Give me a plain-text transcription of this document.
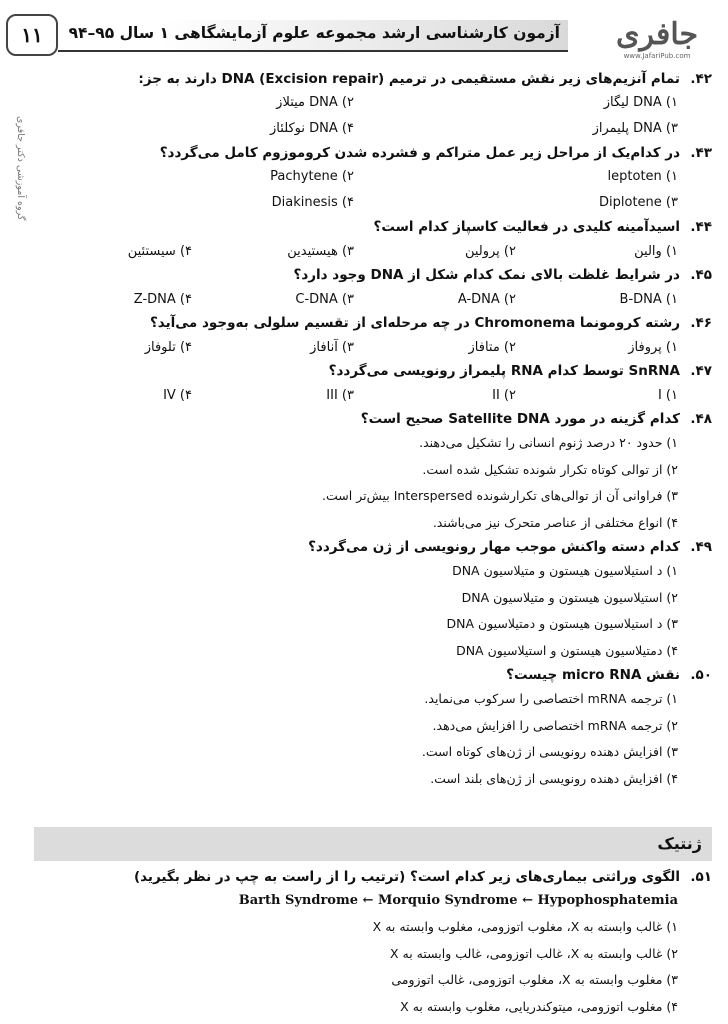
۱۱ آزمون کارشناسی ارشد مجموعه علوم آزمایشگاهی ۱ سال ۹۵–۹۴	جافری
www.JafariPub.com
گروه آموزشی دکتر جافری
۴۲.
تمام آنزیم‌های زیر نقش مستقیمی در ترمیم DNA (Excision repair) دارند به جز:
۱) DNA لیگاز
۲) DNA میتلاز
۳) DNA پلیمراز
۴) DNA نوکلئاز
۴۳.
در کدام‌یک از مراحل زیر عمل متراکم و فشرده شدن کروموزوم کامل می‌گردد؟
۱) leptoten
۲) Pachytene
۳) Diplotene
۴) Diakinesis
۴۴.
اسیدآمینه کلیدی در فعالیت کاسپاز کدام است؟
۱) والین
۲) پرولین
۳) هیستیدین
۴) سیستئین
۴۵.
در شرایط غلظت بالای نمک کدام شکل از DNA وجود دارد؟
۱) B-DNA
۲) A-DNA
۳) C-DNA
۴) Z-DNA
۴۶.
رشته کرومونما Chromonema در چه مرحله‌ای از تقسیم سلولی به‌وجود می‌آید؟
۱) پروفاز
۲) متافاز
۳) آنافاز
۴) تلوفاز
۴۷.
SnRNA توسط کدام RNA پلیمراز رونویسی می‌گردد؟
۱) I
۲) II
۳) III
۴) IV
۴۸.
کدام گزینه در مورد Satellite DNA صحیح است؟
۱) حدود ۲۰ درصد ژنوم انسانی را تشکیل می‌دهند.
۲) از توالی کوتاه تکرار شونده تشکیل شده است.
۳) فراوانی آن از توالی‌های تکرارشونده Interspersed بیش‌تر است.
۴) انواع مختلفی از عناصر متحرک نیز می‌باشند.
۴۹.
کدام دسته واکنش موجب مهار رونویسی از ژن می‌گردد؟
۱) د استیلاسیون هیستون و متیلاسیون DNA
۲) استیلاسیون هیستون و متیلاسیون DNA
۳) د استیلاسیون هیستون و دمتیلاسیون DNA
۴) دمتیلاسیون هیستون و استیلاسیون DNA
۵۰.
نقش micro RNA چیست؟
۱) ترجمه mRNA اختصاصی را سرکوب می‌نماید.
۲) ترجمه mRNA اختصاصی را افزایش می‌دهد.
۳) افزایش دهنده رونویسی از ژن‌های کوتاه است.
۴) افزایش دهنده رونویسی از ژن‌های بلند است.
ژنتیک
۵۱.
الگوی وراثتی بیماری‌های زیر کدام است؟ (ترتیب را از راست به چپ در نظر بگیرید)
Barth Syndrome ← Morquio Syndrome ← Hypophosphatemia
۱) غالب وابسته به X، مغلوب اتوزومی، مغلوب وابسته به X
۲) غالب وابسته به X، غالب اتوزومی، غالب وابسته به X
۳) مغلوب وابسته به X، مغلوب اتوزومی، غالب اتوزومی
۴) مغلوب اتوزومی، میتوکندریایی، مغلوب وابسته به X
